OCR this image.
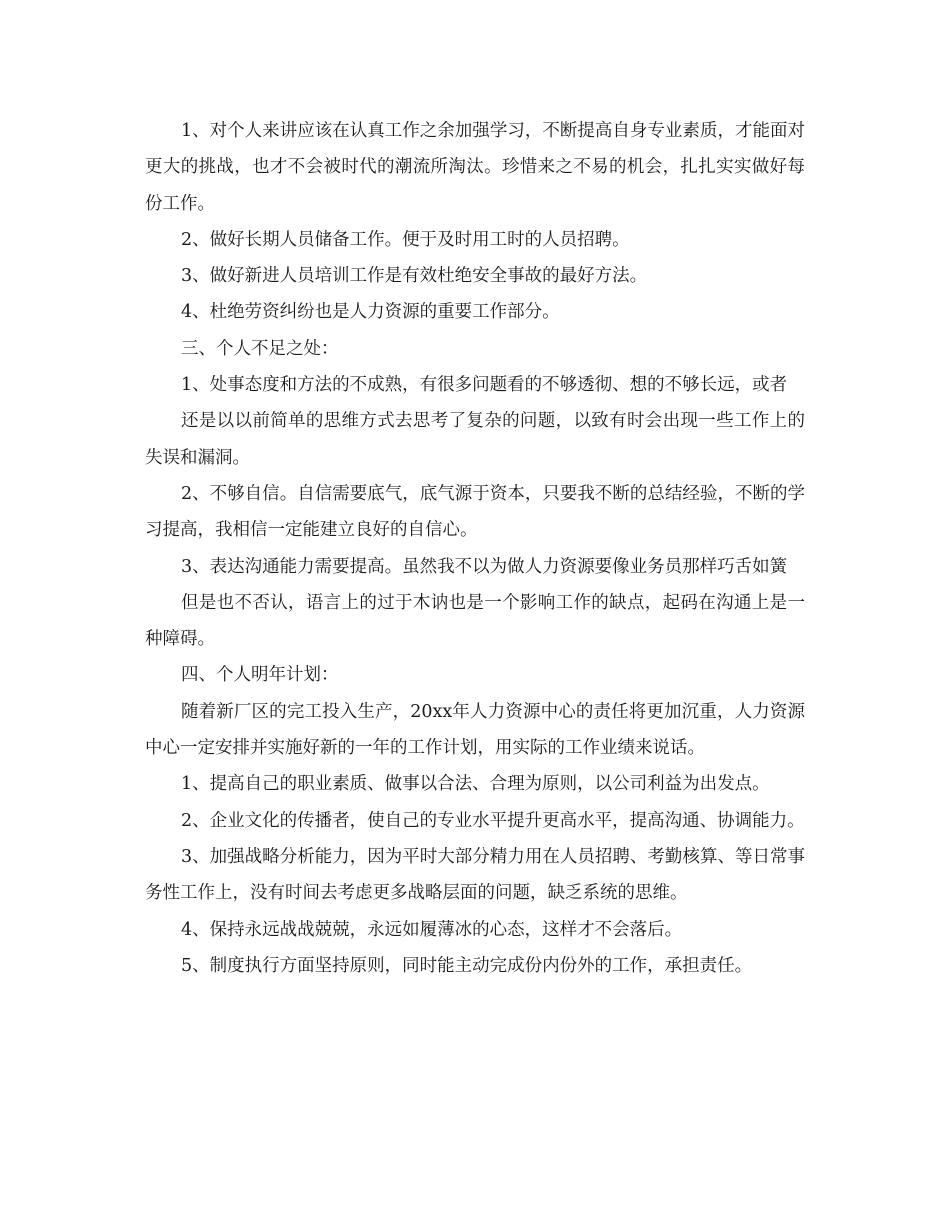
1、对个人来讲应该在认真工作之余加强学习，不断提高自身专业素质，才能面对更大的挑战，也才不会被时代的潮流所淘汰。珍惜来之不易的机会，扎扎实实做好每份工作。

2、做好长期人员储备工作。便于及时用工时的人员招聘。

3、做好新进人员培训工作是有效杜绝安全事故的最好方法。

4、杜绝劳资纠纷也是人力资源的重要工作部分。

三、个人不足之处：

1、处事态度和方法的不成熟，有很多问题看的不够透彻、想的不够长远，或者

还是以以前简单的思维方式去思考了复杂的问题，以致有时会出现一些工作上的失误和漏洞。

2、不够自信。自信需要底气，底气源于资本，只要我不断的总结经验，不断的学习提高，我相信一定能建立良好的自信心。

3、表达沟通能力需要提高。虽然我不以为做人力资源要像业务员那样巧舌如簧

但是也不否认，语言上的过于木讷也是一个影响工作的缺点，起码在沟通上是一种障碍。

四、个人明年计划：

随着新厂区的完工投入生产，20xx年人力资源中心的责任将更加沉重，人力资源中心一定安排并实施好新的一年的工作计划，用实际的工作业绩来说话。

1、提高自己的职业素质、做事以合法、合理为原则，以公司利益为出发点。

2、企业文化的传播者，使自己的专业水平提升更高水平，提高沟通、协调能力。

3、加强战略分析能力，因为平时大部分精力用在人员招聘、考勤核算、等日常事务性工作上，没有时间去考虑更多战略层面的问题，缺乏系统的思维。

4、保持永远战战兢兢，永远如履薄冰的心态，这样才不会落后。

5、制度执行方面坚持原则，同时能主动完成份内份外的工作，承担责任。
